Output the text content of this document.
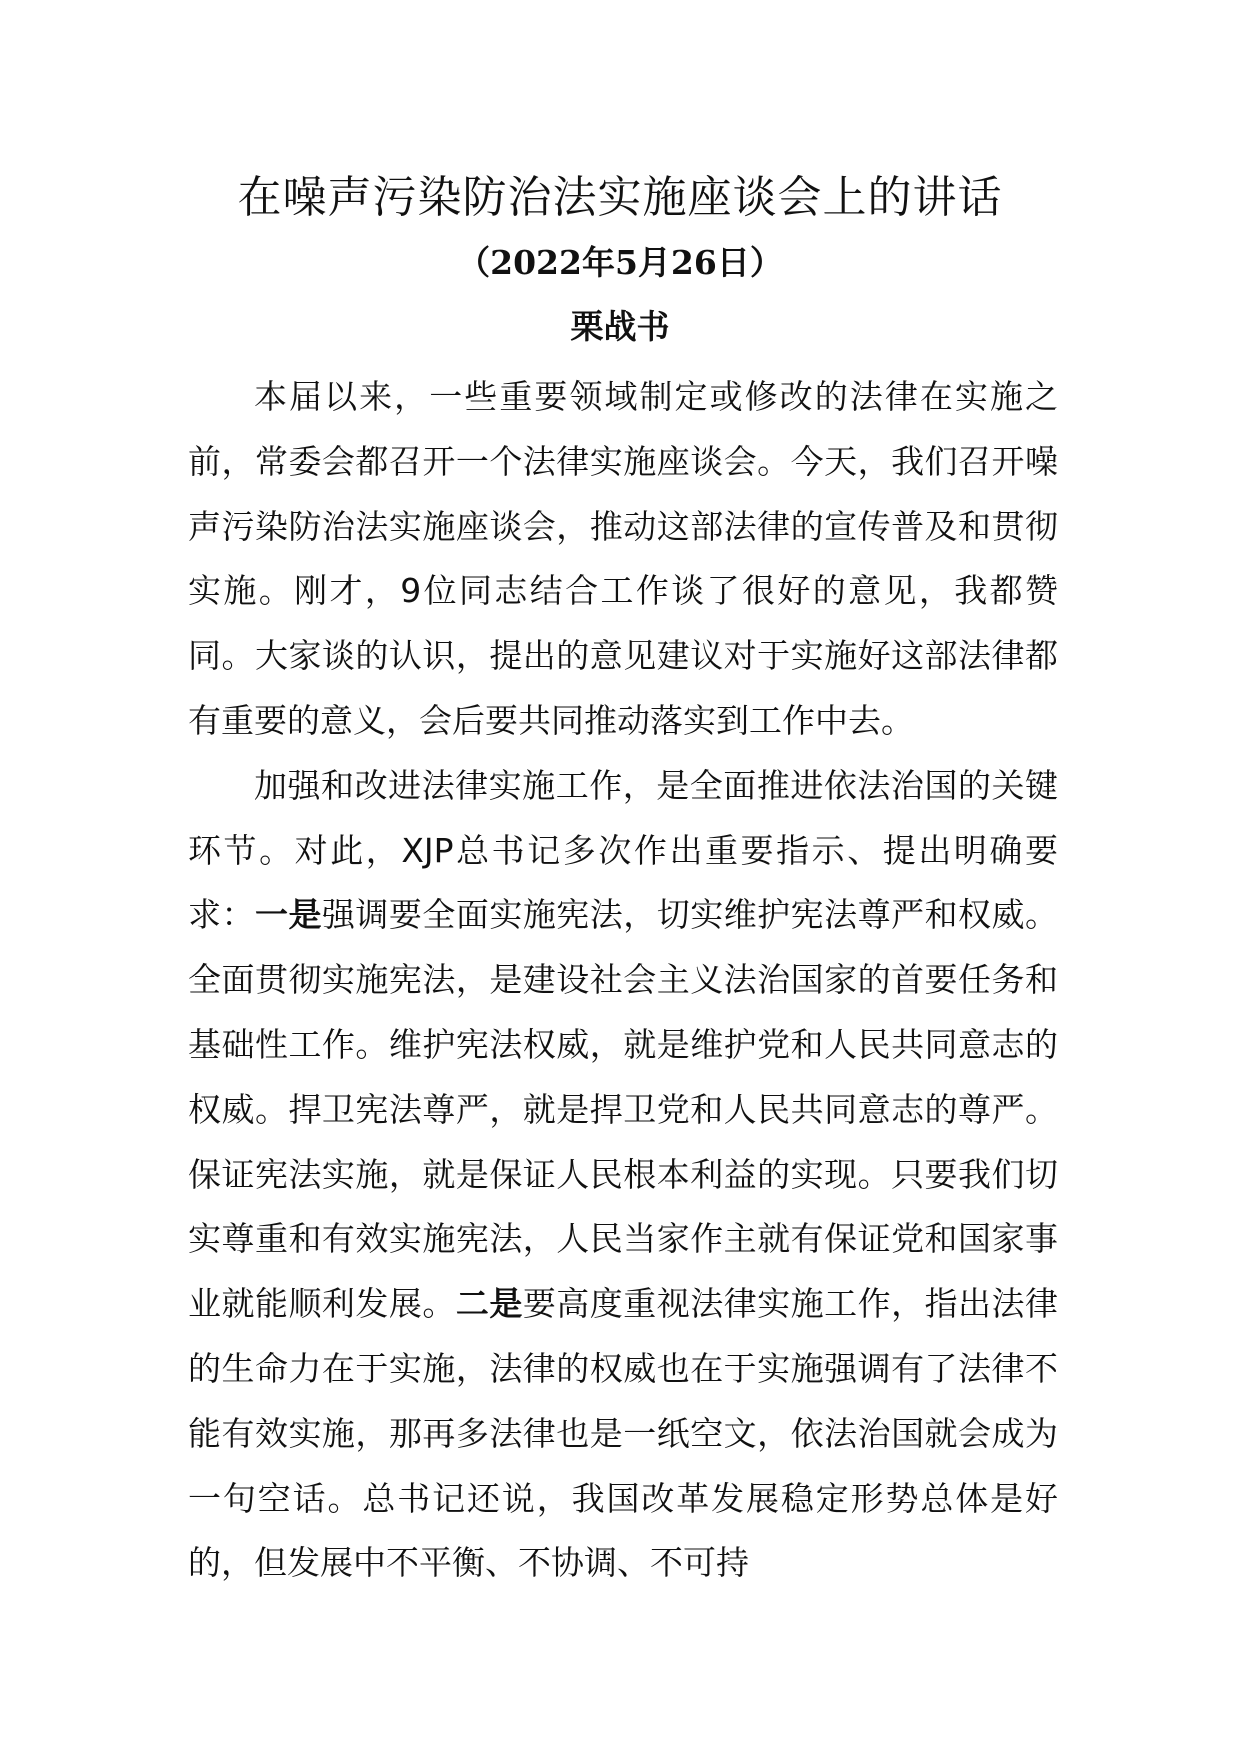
在噪声污染防治法实施座谈会上的讲话
（2022年5月26日）
栗战书

本届以来，一些重要领域制定或修改的法律在实施之前，常委会都召开一个法律实施座谈会。今天，我们召开噪声污染防治法实施座谈会，推动这部法律的宣传普及和贯彻实施。刚才，9位同志结合工作谈了很好的意见，我都赞同。大家谈的认识，提出的意见建议对于实施好这部法律都有重要的意义，会后要共同推动落实到工作中去。

加强和改进法律实施工作，是全面推进依法治国的关键环节。对此，XJP总书记多次作出重要指示、提出明确要求：一是强调要全面实施宪法，切实维护宪法尊严和权威。全面贯彻实施宪法，是建设社会主义法治国家的首要任务和基础性工作。维护宪法权威，就是维护党和人民共同意志的权威。捍卫宪法尊严，就是捍卫党和人民共同意志的尊严。保证宪法实施，就是保证人民根本利益的实现。只要我们切实尊重和有效实施宪法，人民当家作主就有保证党和国家事业就能顺利发展。二是要高度重视法律实施工作，指出法律的生命力在于实施，法律的权威也在于实施强调有了法律不能有效实施，那再多法律也是一纸空文，依法治国就会成为一句空话。总书记还说，我国改革发展稳定形势总体是好的，但发展中不平衡、不协调、不可持
